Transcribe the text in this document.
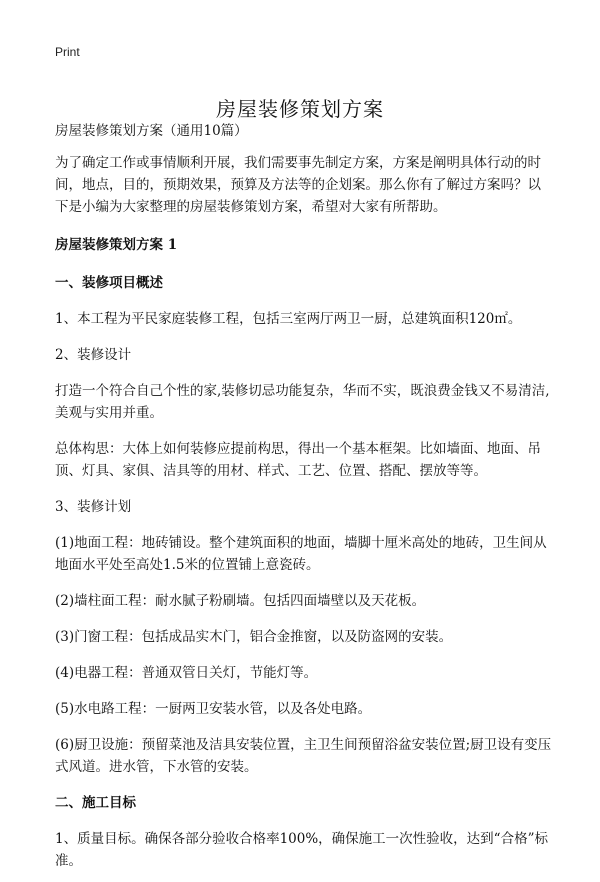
Print
房屋装修策划方案

房屋装修策划方案（通用10篇）

为了确定工作或事情顺利开展，我们需要事先制定方案，方案是阐明具体行动的时间，地点，目的，预期效果，预算及方法等的企划案。那么你有了解过方案吗？以下是小编为大家整理的房屋装修策划方案，希望对大家有所帮助。

房屋装修策划方案 1

一、装修项目概述

1、本工程为平民家庭装修工程，包括三室两厅两卫一厨，总建筑面积120㎡。

2、装修设计

打造一个符合自己个性的家,装修切忌功能复杂，华而不实，既浪费金钱又不易清洁,美观与实用并重。

总体构思：大体上如何装修应提前构思，得出一个基本框架。比如墙面、地面、吊顶、灯具、家俱、洁具等的用材、样式、工艺、位置、搭配、摆放等等。

3、装修计划

(1)地面工程：地砖铺设。整个建筑面积的地面，墙脚十厘米高处的地砖，卫生间从地面水平处至高处1.5米的位置铺上意瓷砖。

(2)墙柱面工程：耐水腻子粉刷墙。包括四面墙壁以及天花板。

(3)门窗工程：包括成品实木门，铝合金推窗，以及防盗网的安装。

(4)电器工程：普通双管日关灯，节能灯等。

(5)水电路工程：一厨两卫安装水管，以及各处电路。

(6)厨卫设施：预留菜池及洁具安装位置，主卫生间预留浴盆安装位置;厨卫设有变压式风道。进水管，下水管的安装。

二、施工目标

1、质量目标。确保各部分验收合格率100%，确保施工一次性验收，达到“合格”标准。
